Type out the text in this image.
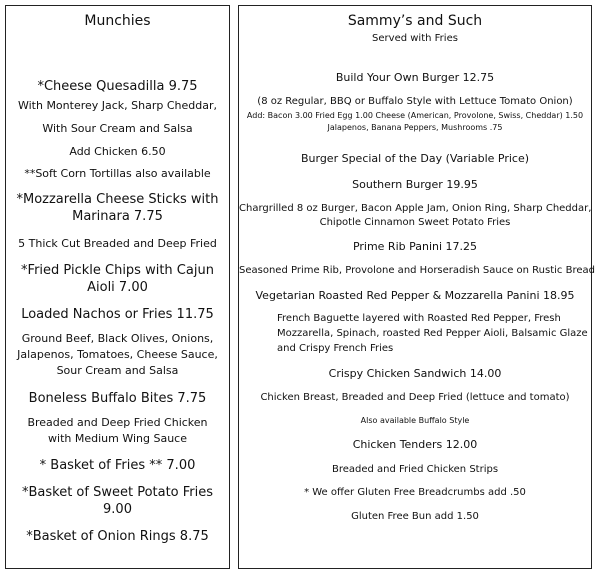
Munchies
*Cheese Quesadilla 9.75
With Monterey Jack, Sharp Cheddar,
With Sour Cream and Salsa
Add Chicken 6.50
**Soft Corn Tortillas also available
*Mozzarella Cheese Sticks with
Marinara 7.75
5 Thick Cut Breaded and Deep Fried
*Fried Pickle Chips with Cajun
Aioli 7.00
Loaded Nachos or Fries 11.75
Ground Beef, Black Olives, Onions,
Jalapenos, Tomatoes, Cheese Sauce,
Sour Cream and Salsa
Boneless Buffalo Bites 7.75
Breaded and Deep Fried Chicken
with Medium Wing Sauce
* Basket of Fries ** 7.00
*Basket of Sweet Potato Fries
9.00
*Basket of Onion Rings 8.75
Sammy’s and Such
Served with Fries
Build Your Own Burger 12.75
(8 oz Regular, BBQ or Buffalo Style with Lettuce Tomato Onion)
Add: Bacon 3.00 Fried Egg 1.00 Cheese (American, Provolone, Swiss, Cheddar) 1.50
Jalapenos, Banana Peppers, Mushrooms .75
Burger Special of the Day (Variable Price)
Southern Burger 19.95
Chargrilled 8 oz Burger, Bacon Apple Jam, Onion Ring, Sharp Cheddar,
Chipotle Cinnamon Sweet Potato Fries
Prime Rib Panini 17.25
Seasoned Prime Rib, Provolone and Horseradish Sauce on Rustic Bread
Vegetarian Roasted Red Pepper & Mozzarella Panini 18.95
French Baguette layered with Roasted Red Pepper, Fresh
Mozzarella, Spinach, roasted Red Pepper Aioli, Balsamic Glaze
and Crispy French Fries
Crispy Chicken Sandwich 14.00
Chicken Breast, Breaded and Deep Fried (lettuce and tomato)
Also available Buffalo Style
Chicken Tenders 12.00
Breaded and Fried Chicken Strips
* We offer Gluten Free Breadcrumbs add .50
Gluten Free Bun add 1.50
